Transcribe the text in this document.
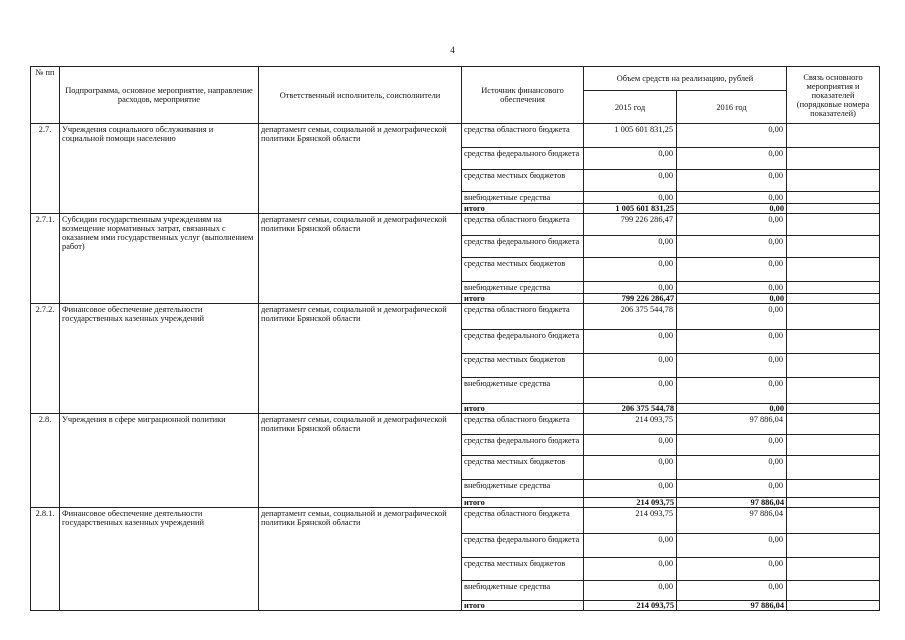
4
№ пп	Подпрограмма, основное мероприятие, направление расходов, мероприятие	Ответственный исполнитель, соисполнители	Источник финансового обеспечения	Объем средств на реализацию, рублей		Связь основного мероприятия и показателей (порядковые номера показателей)
				2015 год	2016 год	
2.7.	Учреждения социального обслуживания и социальной помощи населению	департамент семьи, социальной и демографической политики Брянской области	средства областного бюджета	1 005 601 831,25	0,00	
			средства федерального бюджета	0,00	0,00	
			средства местных бюджетов	0,00	0,00	
			внебюджетные средства	0,00	0,00	
			итого	1 005 601 831,25	0,00	
2.7.1.	Субсидии государственным учреждениям на возмещение нормативных затрат, связанных с оказанием ими государственных услуг (выполнением работ)	департамент семьи, социальной и демографической политики Брянской области	средства областного бюджета	799 226 286,47	0,00	
			средства федерального бюджета	0,00	0,00	
			средства местных бюджетов	0,00	0,00	
			внебюджетные средства	0,00	0,00	
			итого	799 226 286,47	0,00	
2.7.2.	Финансовое обеспечение деятельности государственных казенных учреждений	департамент семьи, социальной и демографической политики Брянской области	средства областного бюджета	206 375 544,78	0,00	
			средства федерального бюджета	0,00	0,00	
			средства местных бюджетов	0,00	0,00	
			внебюджетные средства	0,00	0,00	
			итого	206 375 544,78	0,00	
2.8.	Учреждения в сфере миграционной политики	департамент семьи, социальной и демографической политики Брянской области	средства областного бюджета	214 093,75	97 886,04	
			средства федерального бюджета	0,00	0,00	
			средства местных бюджетов	0,00	0,00	
			внебюджетные средства	0,00	0,00	
			итого	214 093,75	97 886,04	
2.8.1.	Финансовое обеспечение деятельности государственных казенных учреждений	департамент семьи, социальной и демографической политики Брянской области	средства областного бюджета	214 093,75	97 886,04	
			средства федерального бюджета	0,00	0,00	
			средства местных бюджетов	0,00	0,00	
			внебюджетные средства	0,00	0,00	
			итого	214 093,75	97 886,04	
